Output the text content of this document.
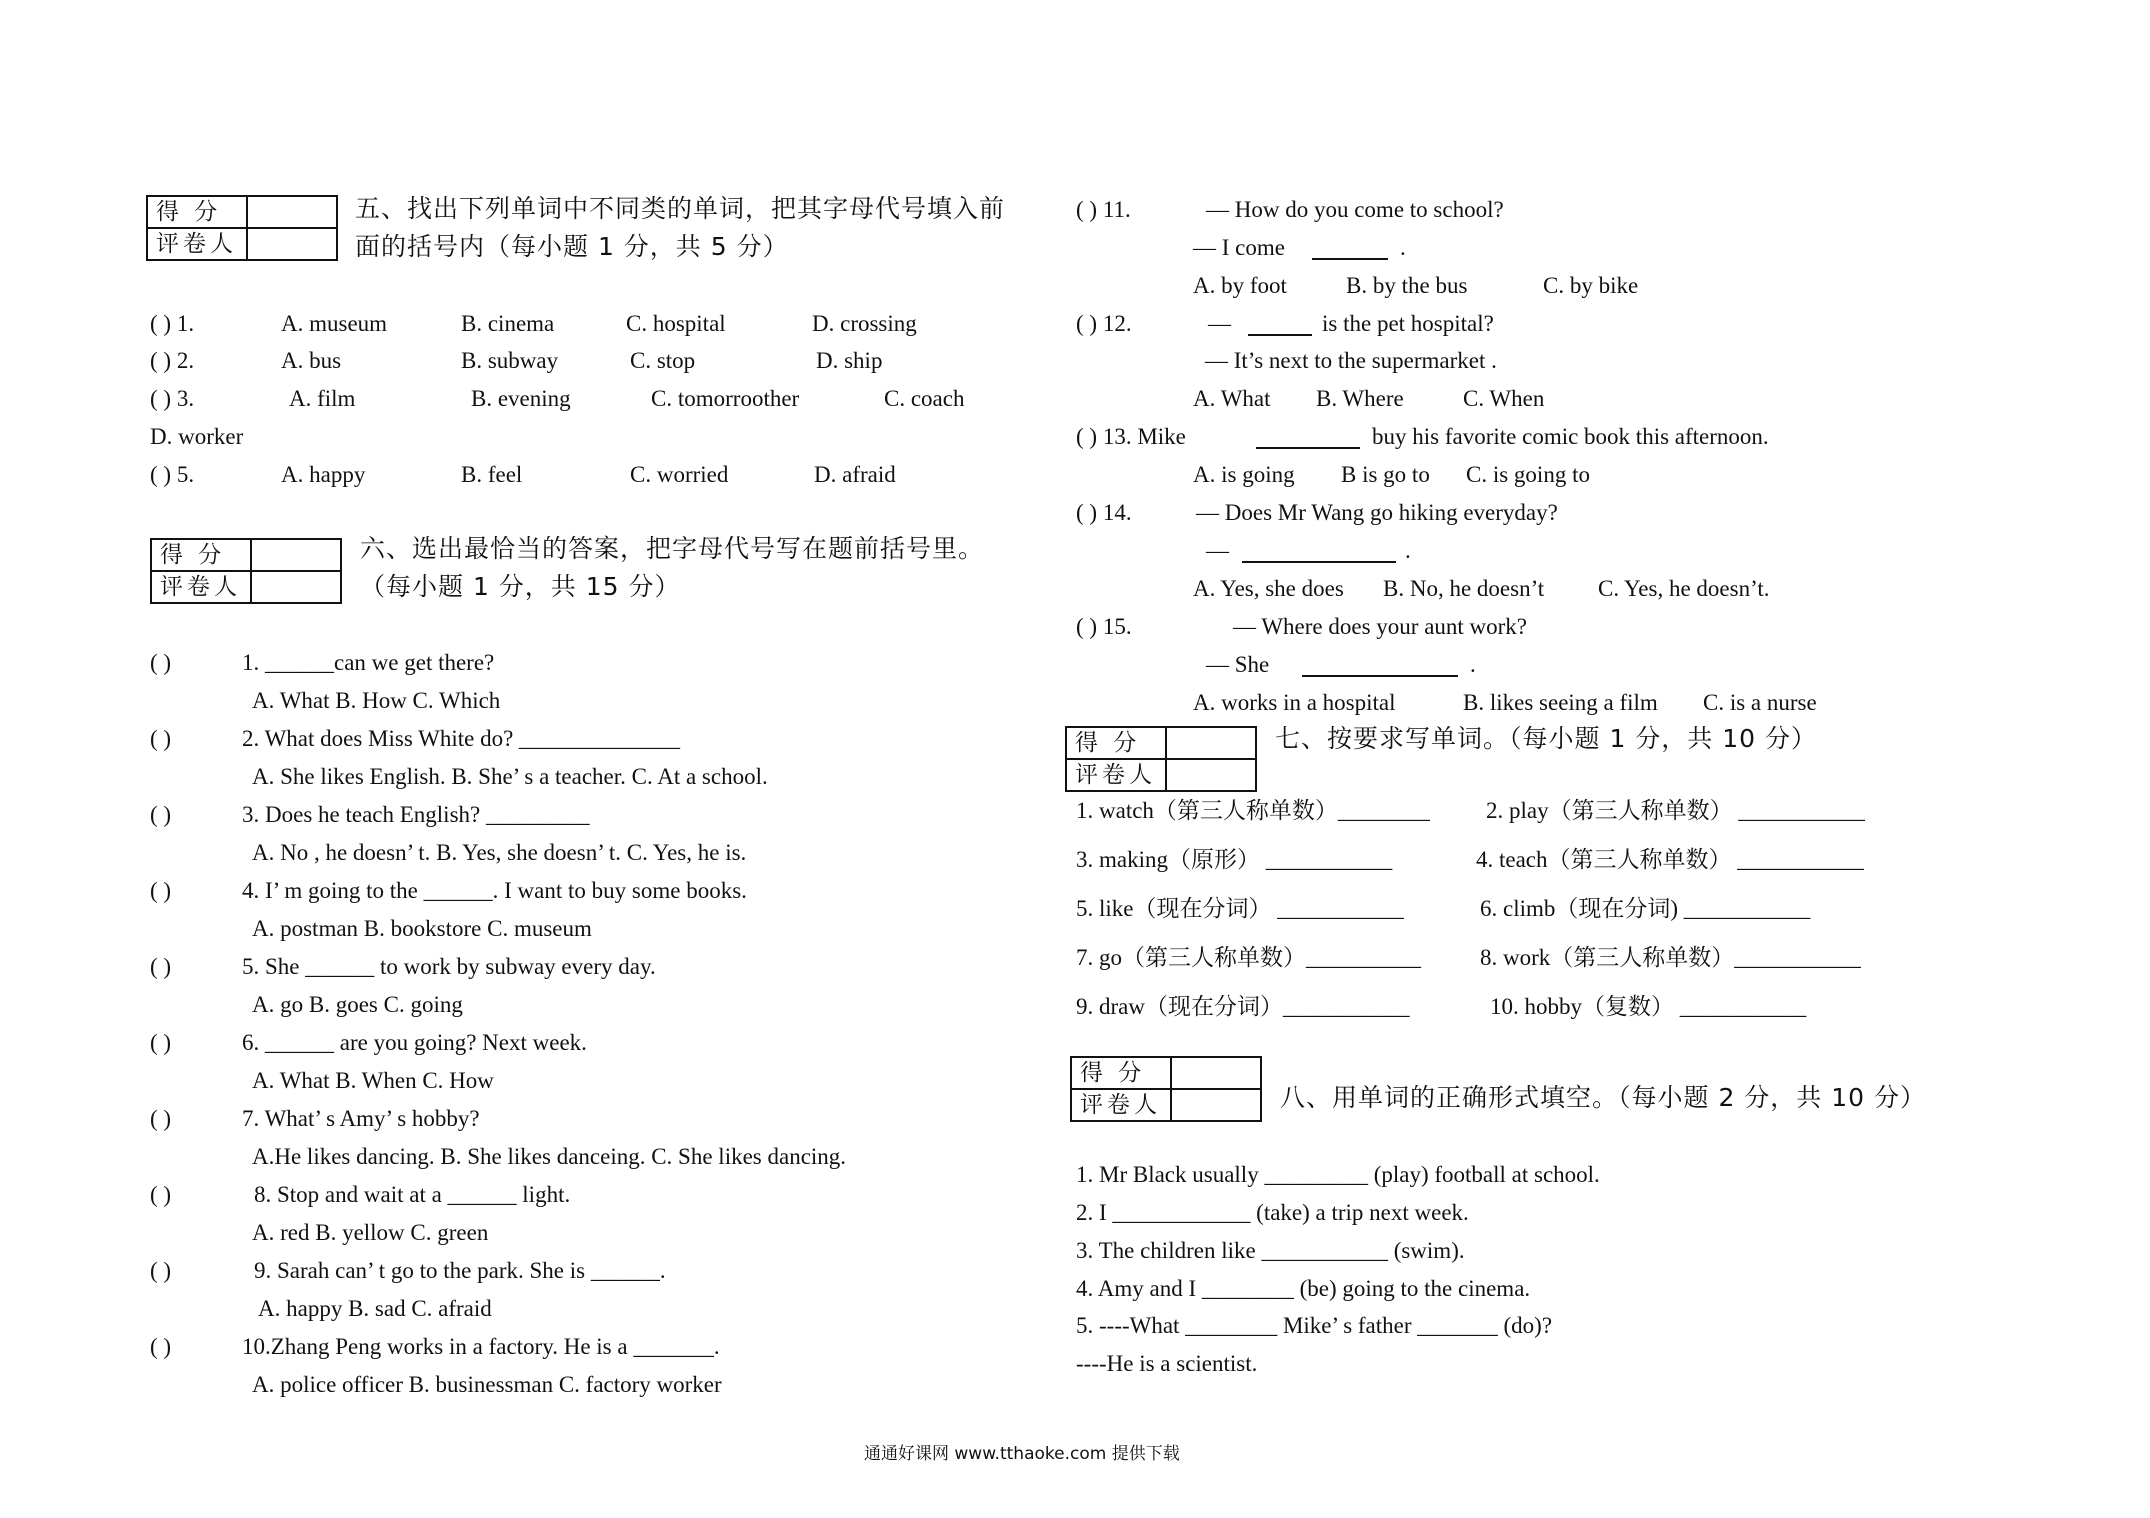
得 分	
评卷人	
五、找出下列单词中不同类的单词，把其字母代号填入前
面的括号内（每小题 1 分，共 5 分）
( ) 1.	A. museum	B. cinema	C. hospital	D. crossing
( ) 2.	A. bus	B. subway	C. stop	D. ship
( ) 3.	A. film	B. evening	C. tomorroother	C. coach
D. worker
( ) 5.	A. happy	B. feel	C. worried	D. afraid
得 分	
评卷人	
六、选出最恰当的答案，把字母代号写在题前括号里。
（每小题 1 分，共 15 分）
( )	1. ______can we get there?
A. What B. How C. Which
( )	2. What does Miss White do? ______________
A. She likes English. B. She’ s a teacher. C. At a school.
( )	3. Does he teach English? _________
A. No , he doesn’ t. B. Yes, she doesn’ t. C. Yes, he is.
( )	4. I’ m going to the ______. I want to buy some books.
A. postman B. bookstore C. museum
( )	5. She ______ to work by subway every day.
A. go B. goes C. going
( )	6. ______ are you going? Next week.
A. What B. When C. How
( )	7. What’ s Amy’ s hobby?
A.He likes dancing. B. She likes danceing. C. She likes dancing.
( )	8. Stop and wait at a ______ light.
A. red B. yellow C. green
( )	9. Sarah can’ t go to the park. She is ______.
A. happy B. sad C. afraid
( )	10.Zhang Peng works in a factory. He is a _______.
A. police officer B. businessman C. factory worker
( ) 11.	— How do you come to school?
— I come	.
A. by foot	B. by the bus	C. by bike
( ) 12.	—	is the pet hospital?
— It’s next to the supermarket .
A. What B. Where	C. When
( ) 13. Mike	buy his favorite comic book this afternoon.
A. is going B is go to C. is going to
( ) 14.	— Does Mr Wang go hiking everyday?
—	.
A. Yes, she does B. No, he doesn’t C. Yes, he doesn’t.
( ) 15.	— Where does your aunt work?
— She	.
A. works in a hospital	B. likes seeing a film C. is a nurse
得 分	
评卷人	
七、按要求写单词。（每小题 1 分，共 10 分）
1. watch（第三人称单数）________ 2. play（第三人称单数） ___________
3. making（原形） ___________	4. teach（第三人称单数） ___________
5. like（现在分词） ___________	6. climb（现在分词) ___________
7. go（第三人称单数）__________	8. work（第三人称单数）___________
9. draw（现在分词）___________	10. hobby（复数） ___________
得 分	
评卷人		八、用单词的正确形式填空。（每小题 2 分，共 10 分）
1. Mr Black usually _________ (play) football at school.
2. I ____________ (take) a trip next week.
3. The children like ___________ (swim).
4. Amy and I ________ (be) going to the cinema.
5. ----What ________ Mike’ s father _______ (do)?
----He is a scientist.
通通好课网 www.tthaoke.com 提供下载
